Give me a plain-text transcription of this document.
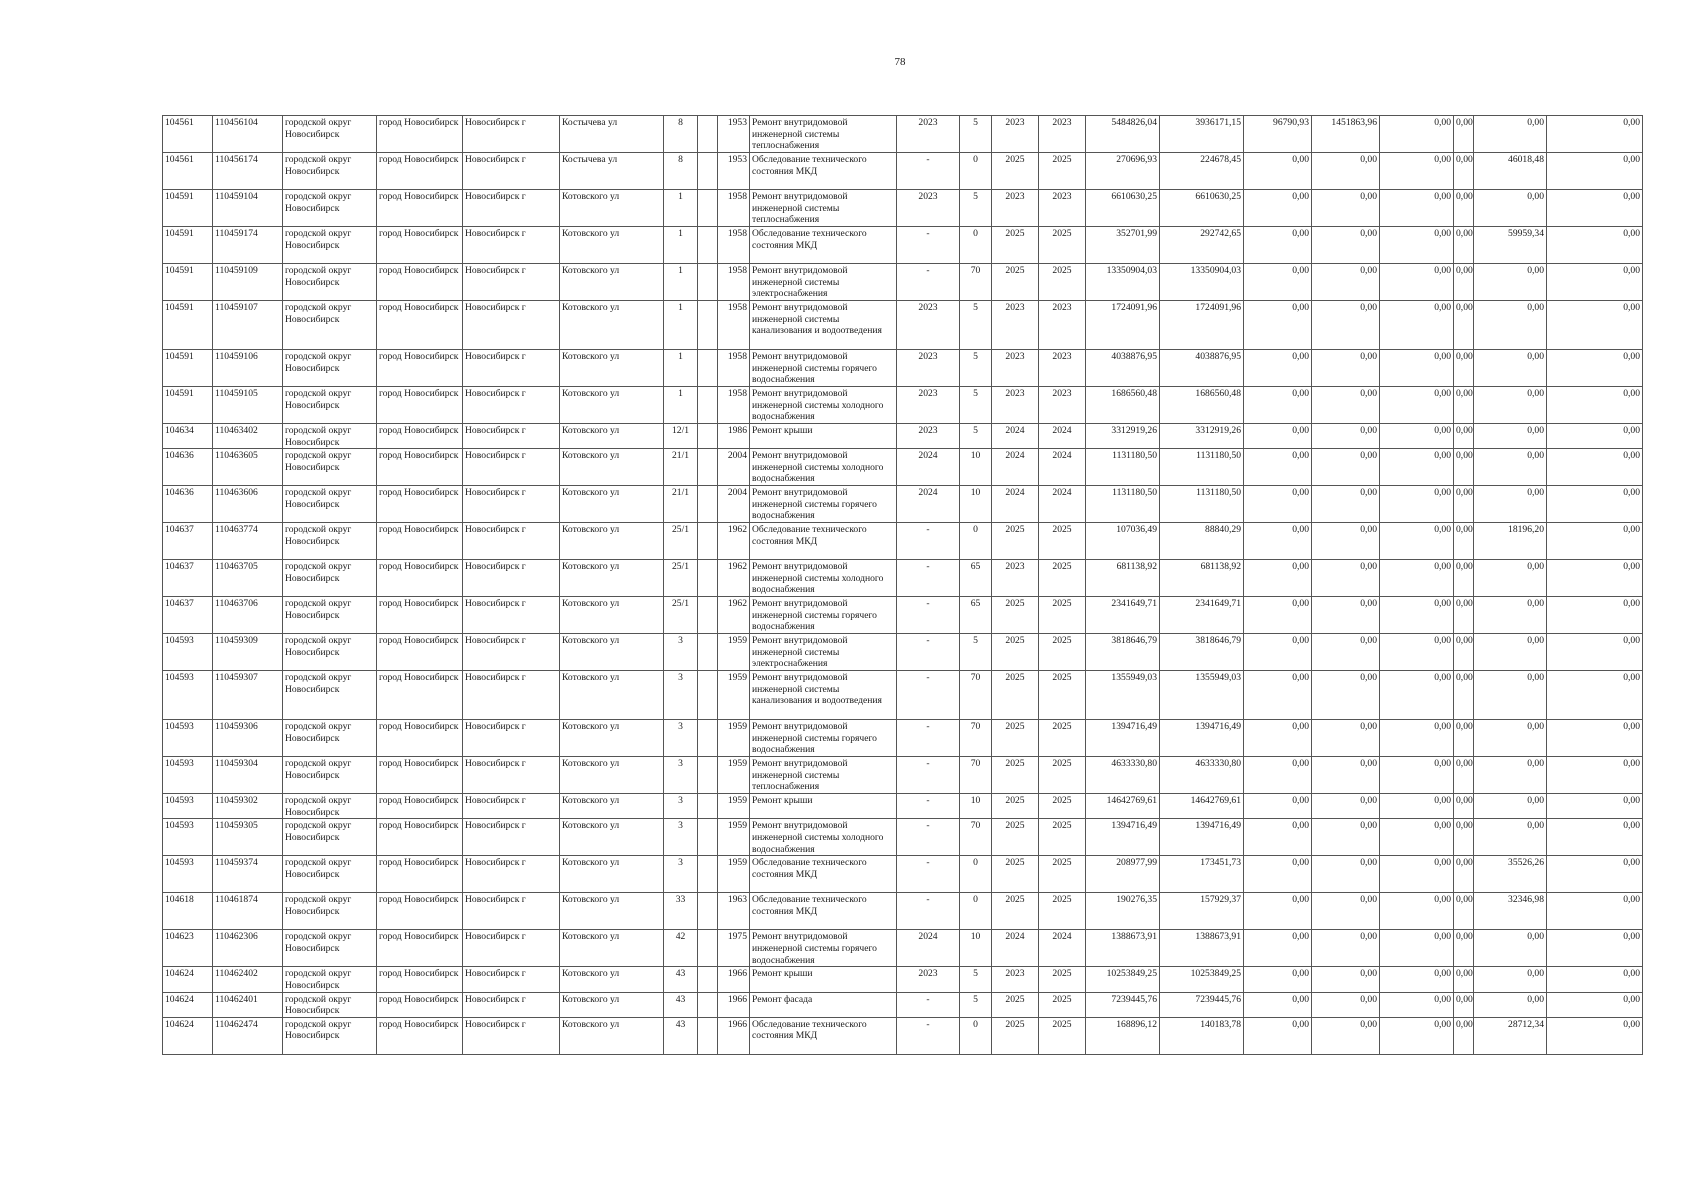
78
104561	110456104	городской округ Новосибирск	город Новосибирск	Новосибирск г	Костычева ул	8		1953	Ремонт внутридомовой инженерной системы теплоснабжения	2023	5	2023	2023	5484826,04	3936171,15	96790,93	1451863,96	0,00	0,00	0,00	0,00
104561	110456174	городской округ Новосибирск	город Новосибирск	Новосибирск г	Костычева ул	8		1953	Обследование технического состояния МКД	-	0	2025	2025	270696,93	224678,45	0,00	0,00	0,00	0,00	46018,48	0,00
104591	110459104	городской округ Новосибирск	город Новосибирск	Новосибирск г	Котовского ул	1		1958	Ремонт внутридомовой инженерной системы теплоснабжения	2023	5	2023	2023	6610630,25	6610630,25	0,00	0,00	0,00	0,00	0,00	0,00
104591	110459174	городской округ Новосибирск	город Новосибирск	Новосибирск г	Котовского ул	1		1958	Обследование технического состояния МКД	-	0	2025	2025	352701,99	292742,65	0,00	0,00	0,00	0,00	59959,34	0,00
104591	110459109	городской округ Новосибирск	город Новосибирск	Новосибирск г	Котовского ул	1		1958	Ремонт внутридомовой инженерной системы электроснабжения	-	70	2025	2025	13350904,03	13350904,03	0,00	0,00	0,00	0,00	0,00	0,00
104591	110459107	городской округ Новосибирск	город Новосибирск	Новосибирск г	Котовского ул	1		1958	Ремонт внутридомовой инженерной системы канализования и водоотведения	2023	5	2023	2023	1724091,96	1724091,96	0,00	0,00	0,00	0,00	0,00	0,00
104591	110459106	городской округ Новосибирск	город Новосибирск	Новосибирск г	Котовского ул	1		1958	Ремонт внутридомовой инженерной системы горячего водоснабжения	2023	5	2023	2023	4038876,95	4038876,95	0,00	0,00	0,00	0,00	0,00	0,00
104591	110459105	городской округ Новосибирск	город Новосибирск	Новосибирск г	Котовского ул	1		1958	Ремонт внутридомовой инженерной системы холодного водоснабжения	2023	5	2023	2023	1686560,48	1686560,48	0,00	0,00	0,00	0,00	0,00	0,00
104634	110463402	городской округ Новосибирск	город Новосибирск	Новосибирск г	Котовского ул	12/1		1986	Ремонт крыши	2023	5	2024	2024	3312919,26	3312919,26	0,00	0,00	0,00	0,00	0,00	0,00
104636	110463605	городской округ Новосибирск	город Новосибирск	Новосибирск г	Котовского ул	21/1		2004	Ремонт внутридомовой инженерной системы холодного водоснабжения	2024	10	2024	2024	1131180,50	1131180,50	0,00	0,00	0,00	0,00	0,00	0,00
104636	110463606	городской округ Новосибирск	город Новосибирск	Новосибирск г	Котовского ул	21/1		2004	Ремонт внутридомовой инженерной системы горячего водоснабжения	2024	10	2024	2024	1131180,50	1131180,50	0,00	0,00	0,00	0,00	0,00	0,00
104637	110463774	городской округ Новосибирск	город Новосибирск	Новосибирск г	Котовского ул	25/1		1962	Обследование технического состояния МКД	-	0	2025	2025	107036,49	88840,29	0,00	0,00	0,00	0,00	18196,20	0,00
104637	110463705	городской округ Новосибирск	город Новосибирск	Новосибирск г	Котовского ул	25/1		1962	Ремонт внутридомовой инженерной системы холодного водоснабжения	-	65	2023	2025	681138,92	681138,92	0,00	0,00	0,00	0,00	0,00	0,00
104637	110463706	городской округ Новосибирск	город Новосибирск	Новосибирск г	Котовского ул	25/1		1962	Ремонт внутридомовой инженерной системы горячего водоснабжения	-	65	2025	2025	2341649,71	2341649,71	0,00	0,00	0,00	0,00	0,00	0,00
104593	110459309	городской округ Новосибирск	город Новосибирск	Новосибирск г	Котовского ул	3		1959	Ремонт внутридомовой инженерной системы электроснабжения	-	5	2025	2025	3818646,79	3818646,79	0,00	0,00	0,00	0,00	0,00	0,00
104593	110459307	городской округ Новосибирск	город Новосибирск	Новосибирск г	Котовского ул	3		1959	Ремонт внутридомовой инженерной системы канализования и водоотведения	-	70	2025	2025	1355949,03	1355949,03	0,00	0,00	0,00	0,00	0,00	0,00
104593	110459306	городской округ Новосибирск	город Новосибирск	Новосибирск г	Котовского ул	3		1959	Ремонт внутридомовой инженерной системы горячего водоснабжения	-	70	2025	2025	1394716,49	1394716,49	0,00	0,00	0,00	0,00	0,00	0,00
104593	110459304	городской округ Новосибирск	город Новосибирск	Новосибирск г	Котовского ул	3		1959	Ремонт внутридомовой инженерной системы теплоснабжения	-	70	2025	2025	4633330,80	4633330,80	0,00	0,00	0,00	0,00	0,00	0,00
104593	110459302	городской округ Новосибирск	город Новосибирск	Новосибирск г	Котовского ул	3		1959	Ремонт крыши	-	10	2025	2025	14642769,61	14642769,61	0,00	0,00	0,00	0,00	0,00	0,00
104593	110459305	городской округ Новосибирск	город Новосибирск	Новосибирск г	Котовского ул	3		1959	Ремонт внутридомовой инженерной системы холодного водоснабжения	-	70	2025	2025	1394716,49	1394716,49	0,00	0,00	0,00	0,00	0,00	0,00
104593	110459374	городской округ Новосибирск	город Новосибирск	Новосибирск г	Котовского ул	3		1959	Обследование технического состояния МКД	-	0	2025	2025	208977,99	173451,73	0,00	0,00	0,00	0,00	35526,26	0,00
104618	110461874	городской округ Новосибирск	город Новосибирск	Новосибирск г	Котовского ул	33		1963	Обследование технического состояния МКД	-	0	2025	2025	190276,35	157929,37	0,00	0,00	0,00	0,00	32346,98	0,00
104623	110462306	городской округ Новосибирск	город Новосибирск	Новосибирск г	Котовского ул	42		1975	Ремонт внутридомовой инженерной системы горячего водоснабжения	2024	10	2024	2024	1388673,91	1388673,91	0,00	0,00	0,00	0,00	0,00	0,00
104624	110462402	городской округ Новосибирск	город Новосибирск	Новосибирск г	Котовского ул	43		1966	Ремонт крыши	2023	5	2023	2025	10253849,25	10253849,25	0,00	0,00	0,00	0,00	0,00	0,00
104624	110462401	городской округ Новосибирск	город Новосибирск	Новосибирск г	Котовского ул	43		1966	Ремонт фасада	-	5	2025	2025	7239445,76	7239445,76	0,00	0,00	0,00	0,00	0,00	0,00
104624	110462474	городской округ Новосибирск	город Новосибирск	Новосибирск г	Котовского ул	43		1966	Обследование технического состояния МКД	-	0	2025	2025	168896,12	140183,78	0,00	0,00	0,00	0,00	28712,34	0,00
